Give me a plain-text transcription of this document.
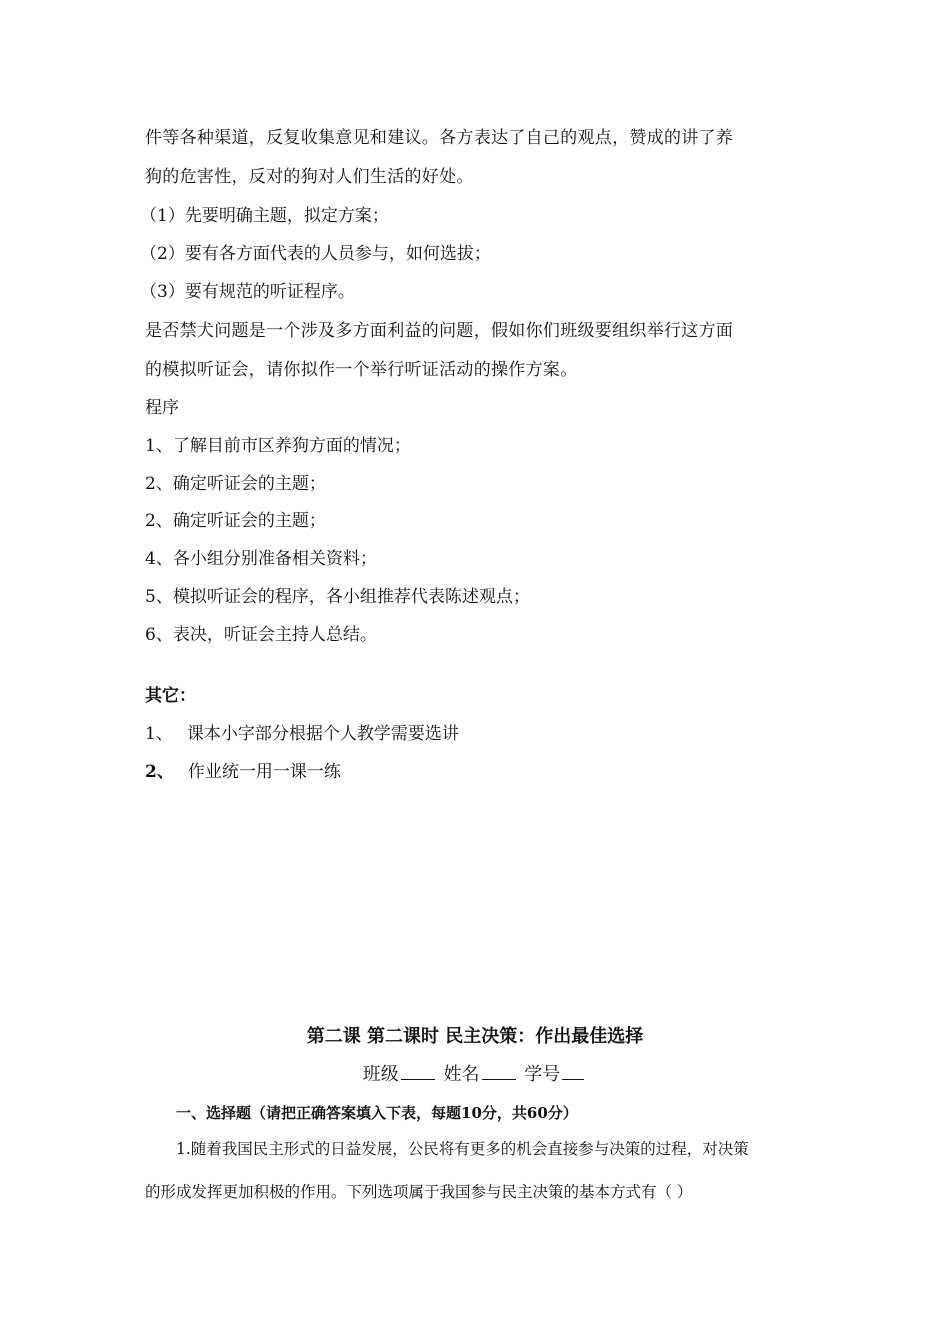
件等各种渠道，反复收集意见和建议。各方表达了自己的观点，赞成的讲了养
狗的危害性，反对的狗对人们生活的好处。
（1）先要明确主题，拟定方案；
（2）要有各方面代表的人员参与，如何选拔；
（3）要有规范的听证程序。
是否禁犬问题是一个涉及多方面利益的问题，假如你们班级要组织举行这方面
的模拟听证会，请你拟作一个举行听证活动的操作方案。
程序
1、了解目前市区养狗方面的情况；
2、确定听证会的主题；
2、确定听证会的主题；
4、各小组分别准备相关资料；
5、模拟听证会的程序，各小组推荐代表陈述观点；
6、表决，听证会主持人总结。
其它：
1、 课本小字部分根据个人教学需要选讲
2、 作业统一用一课一练
第二课 第二课时 民主决策：作出最佳选择
班级 姓名 学号
一、选择题（请把正确答案填入下表，每题10分，共60分）
1.随着我国民主形式的日益发展，公民将有更多的机会直接参与决策的过程，对决策
的形成发挥更加积极的作用。下列选项属于我国参与民主决策的基本方式有（ ）
